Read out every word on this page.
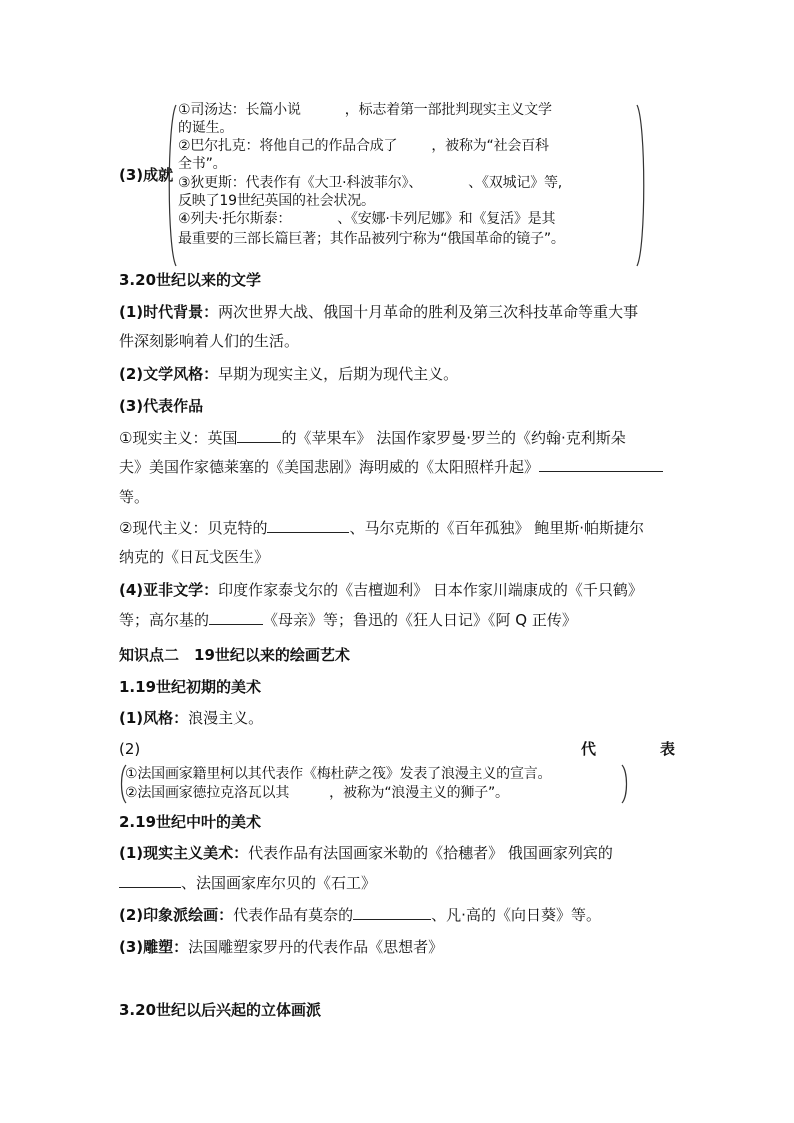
(3)成就
①司汤达：长篇小说	，标志着第一部批判现实主义文学
的诞生。
②巴尔扎克：将他自己的作品合成了 ，被称为“社会百科
全书”。
③狄更斯：代表作有《大卫·科波菲尔》、	、《双城记》等,
反映了19世纪英国的社会状况。
④列夫·托尔斯泰：	、《安娜·卡列尼娜》和《复活》是其
最重要的三部长篇巨著；其作品被列宁称为“俄国革命的镜子”。
3.20世纪以来的文学
(1)时代背景：两次世界大战、俄国十月革命的胜利及第三次科技革命等重大事
件深刻影响着人们的生活。
(2)文学风格：早期为现实主义，后期为现代主义。
(3)代表作品
①现实主义：英国	的《苹果车》 法国作家罗曼·罗兰的《约翰·克利斯朵
夫》美国作家德莱塞的《美国悲剧》海明威的《太阳照样升起》
等。
②现代主义：贝克特的	、马尔克斯的《百年孤独》 鲍里斯·帕斯捷尔
纳克的《日瓦戈医生》
(4)亚非文学：印度作家泰戈尔的《吉檀迦利》 日本作家川端康成的《千只鹤》
等；高尔基的	《母亲》等；鲁迅的《狂人日记》《阿 Q 正传》
知识点二　19世纪以来的绘画艺术
1.19世纪初期的美术
(1)风格：浪漫主义。
(2)	代	表
①法国画家籍里柯以其代表作《梅杜萨之筏》发表了浪漫主义的宣言。
②法国画家德拉克洛瓦以其	，被称为“浪漫主义的狮子”。
2.19世纪中叶的美术
(1)现实主义美术：代表作品有法国画家米勒的《拾穗者》 俄国画家列宾的
、法国画家库尔贝的《石工》
(2)印象派绘画：代表作品有莫奈的	、凡·高的《向日葵》等。
(3)雕塑：法国雕塑家罗丹的代表作品《思想者》
3.20世纪以后兴起的立体画派
